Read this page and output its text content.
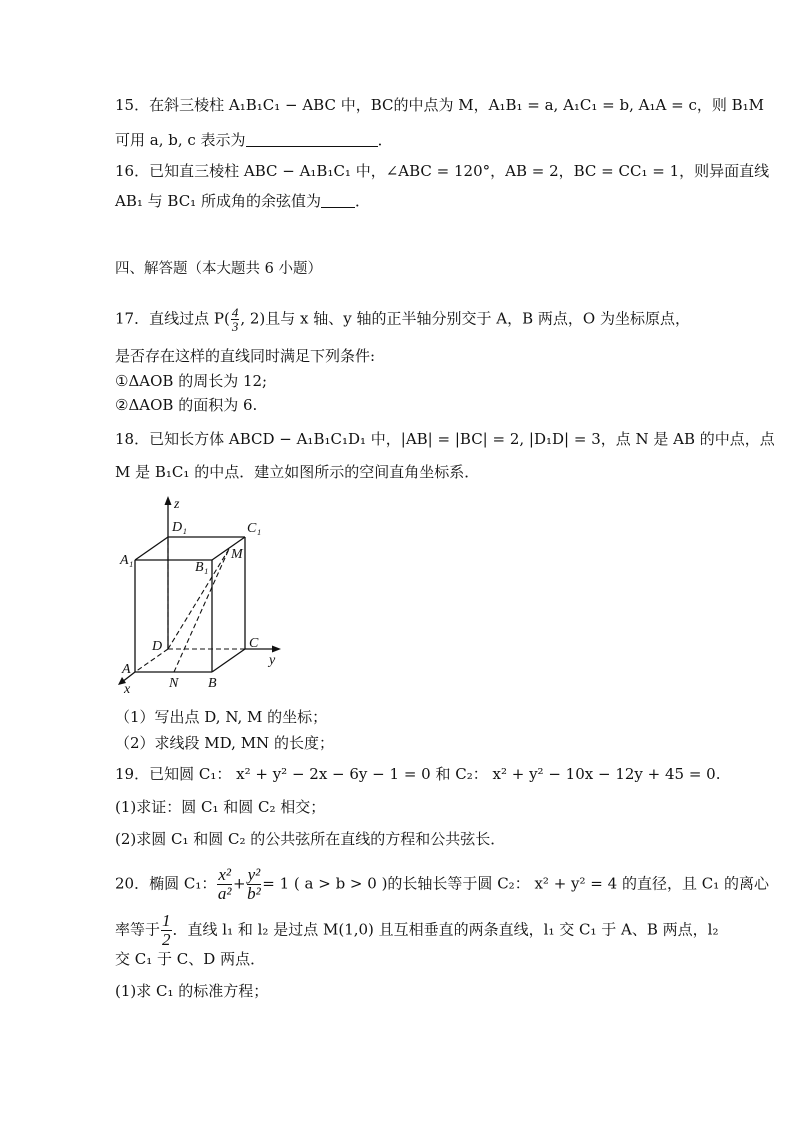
15．在斜三棱柱 A₁B₁C₁ − ABC 中，BC的中点为 M，A₁B₁ = a, A₁C₁ = b, A₁A = c，则 B₁M
可用 a, b, c 表示为	．
16．已知直三棱柱 ABC − A₁B₁C₁ 中，∠ABC = 120°，AB = 2，BC = CC₁ = 1，则异面直线
AB₁ 与 BC₁ 所成角的余弦值为 ．
四、解答题（本大题共 6 小题）
17．直线过点 $P( \frac{4}{3}$ , 2)且与 x 轴、y 轴的正半轴分别交于 A，B 两点，O 为坐标原点，
是否存在这样的直线同时满足下列条件:
①ΔAOB 的周长为 12;
②ΔAOB 的面积为 6.
18．已知长方体 ABCD − A₁B₁C₁D₁ 中，|AB| = |BC| = 2, |D₁D| = 3，点 N 是 AB 的中点，点
M 是 B₁C₁ 的中点．建立如图所示的空间直角坐标系．
z
D₁	C₁
A₁	B₁
M
D	C
y
A
N B
x
（1）写出点 D, N, M 的坐标；
（2）求线段 MD, MN 的长度；
19．已知圆 C₁： x² + y² − 2x − 6y − 1 = 0 和 C₂： x² + y² − 10x − 12y + 45 = 0.
(1)求证：圆 C₁ 和圆 C₂ 相交；
(2)求圆 C₁ 和圆 C₂ 的公共弦所在直线的方程和公共弦长．
20．椭圆 C₁： $\frac{\text{x²}}{\text{a²}} + \frac{\text{y²}}{\text{b²}} = 1$ ( a > b > 0 )的长轴长等于圆 C₂： x² + y² = 4 的直径，且 C₁ 的离心
率等于 $\frac{1}{2}$ ．直线 l₁ 和 l₂ 是过点 M(1,0) 且互相垂直的两条直线，l₁ 交 C₁ 于 A、B 两点，l₂
交 C₁ 于 C、D 两点．
(1)求 C₁ 的标准方程；
